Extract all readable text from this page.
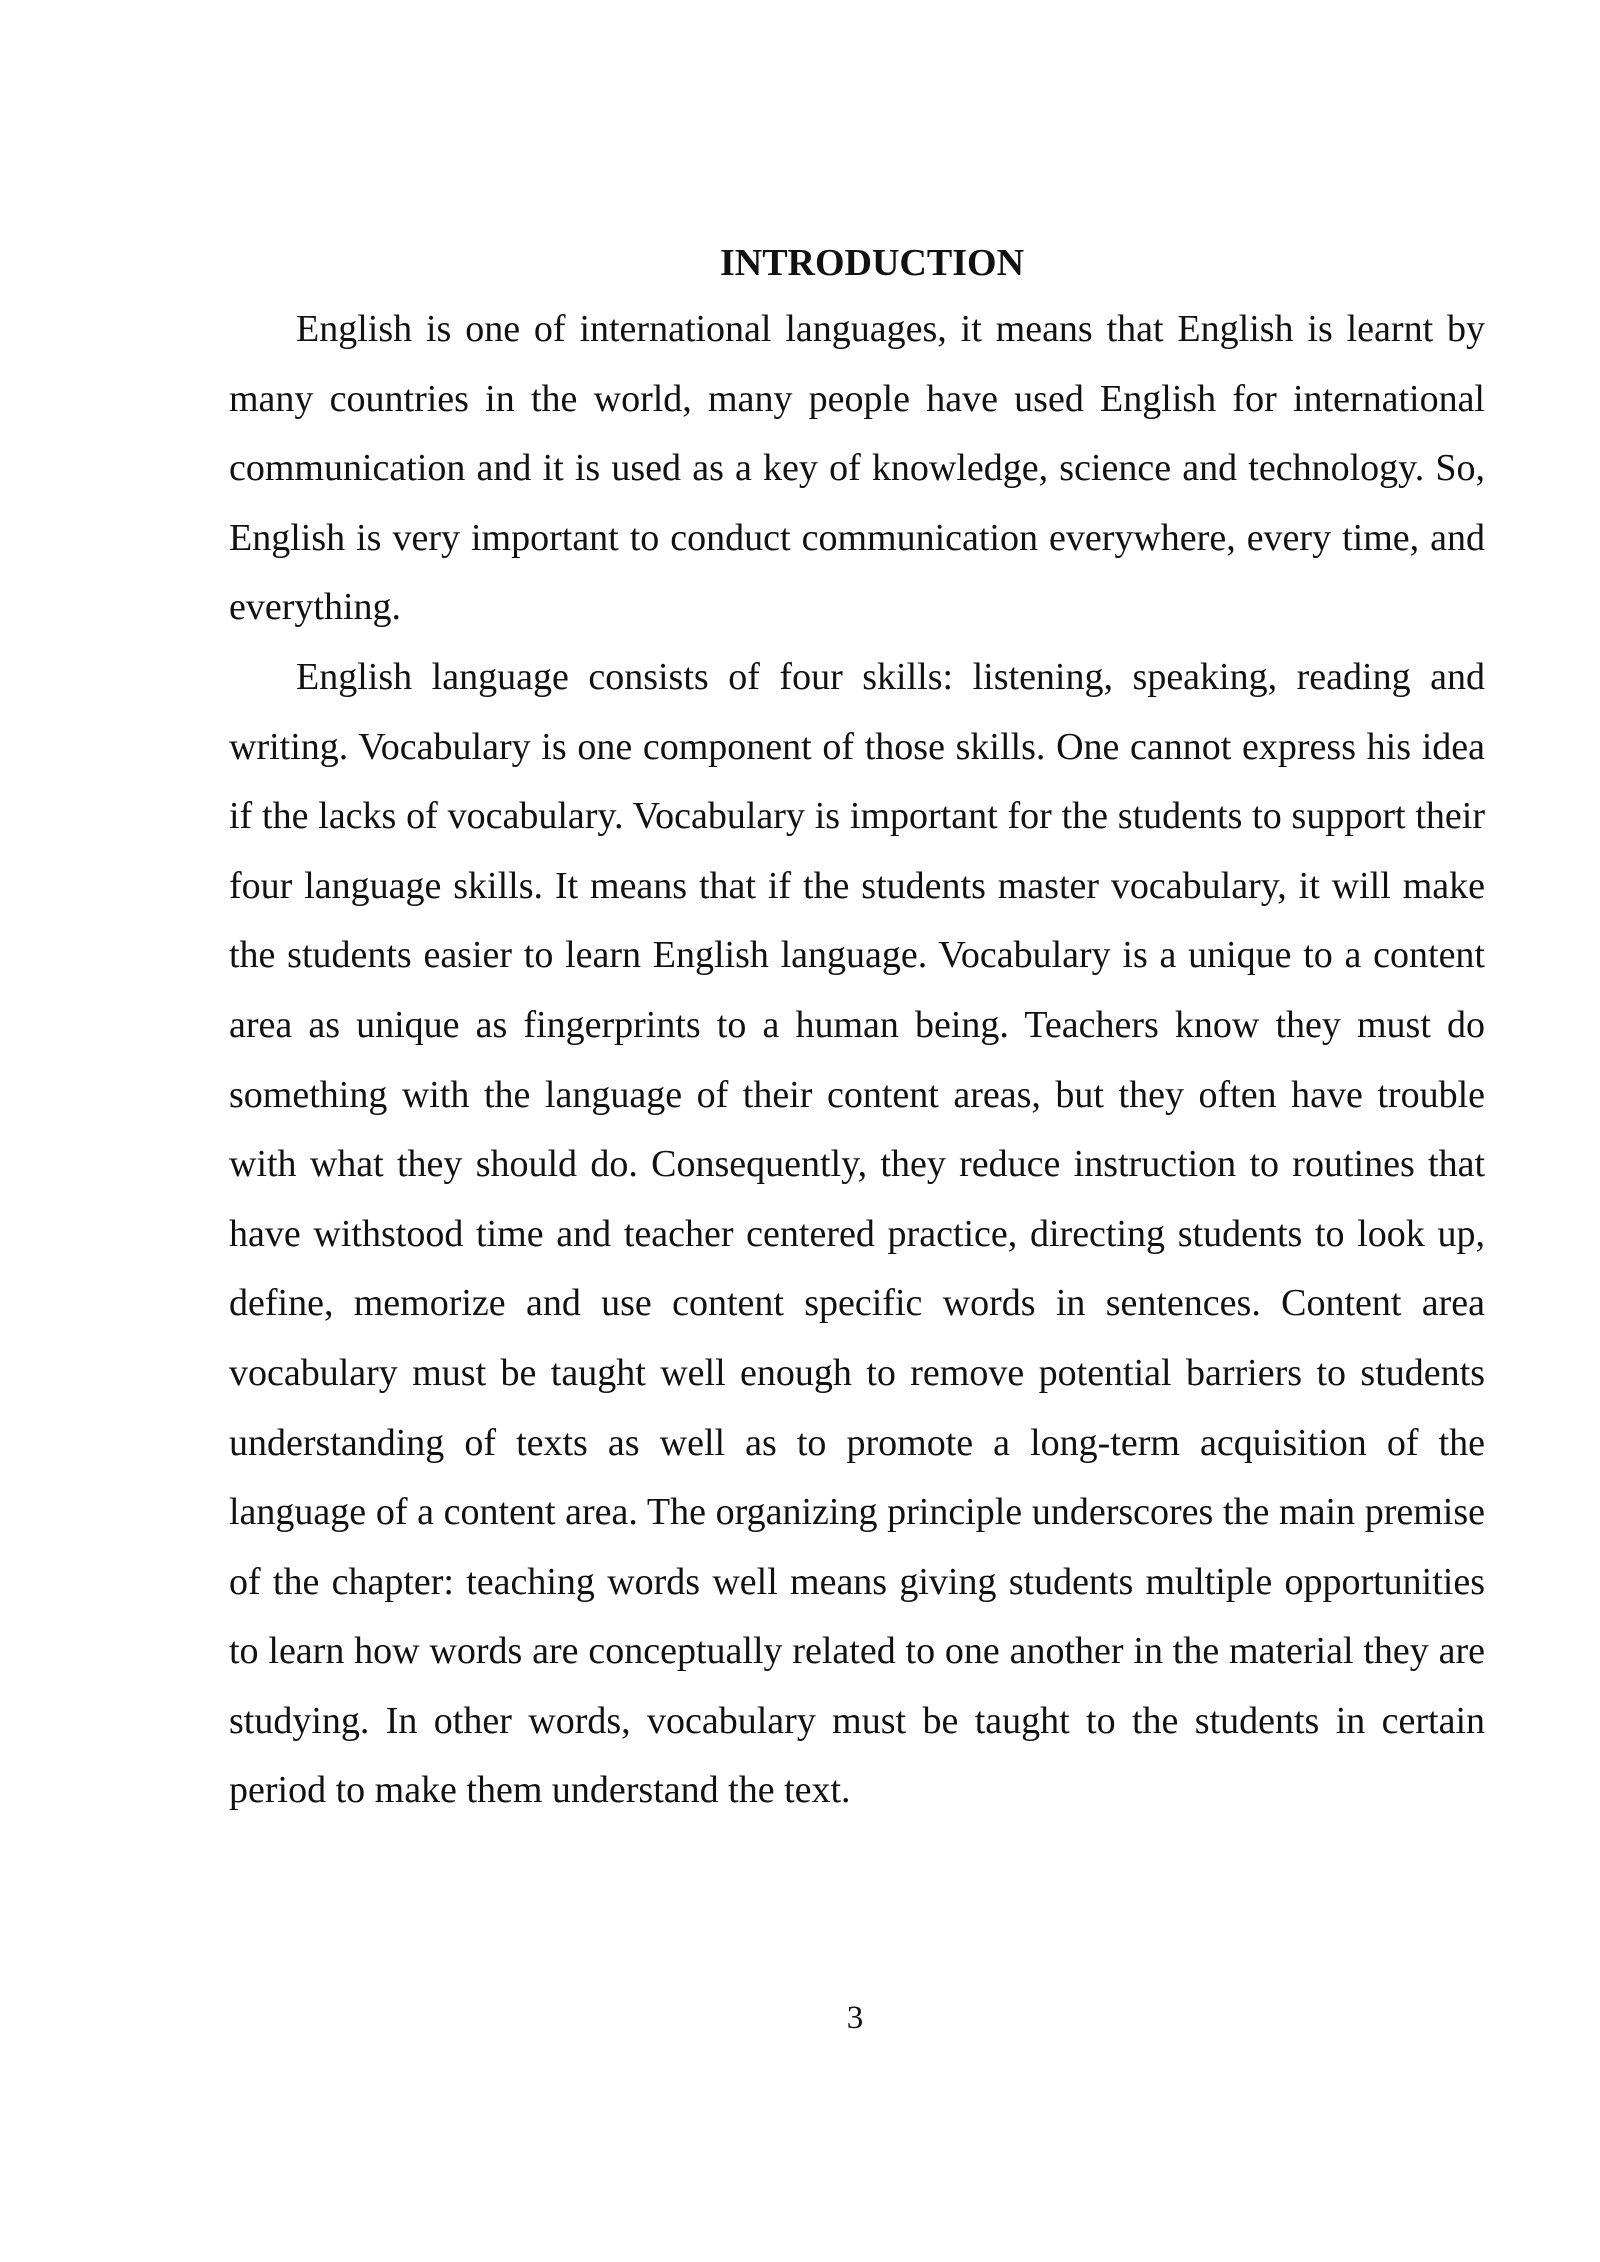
INTRODUCTION

English is one of international languages, it means that English is learnt by many countries in the world, many people have used English for international communication and it is used as a key of knowledge, science and technology. So, English is very important to conduct communication everywhere, every time, and everything.

English language consists of four skills: listening, speaking, reading and writing. Vocabulary is one component of those skills. One cannot express his idea if the lacks of vocabulary. Vocabulary is important for the students to support their four language skills. It means that if the students master vocabulary, it will make the students easier to learn English language. Vocabulary is a unique to a content area as unique as fingerprints to a human being. Teachers know they must do something with the language of their content areas, but they often have trouble with what they should do. Consequently, they reduce instruction to routines that have withstood time and teacher centered practice, directing students to look up, define, memorize and use content specific words in sentences. Content area vocabulary must be taught well enough to remove potential barriers to students understanding of texts as well as to promote a long-term acquisition of the language of a content area. The organizing principle underscores the main premise of the chapter: teaching words well means giving students multiple opportunities to learn how words are conceptually related to one another in the material they are studying. In other words, vocabulary must be taught to the students in certain period to make them understand the text.

3
